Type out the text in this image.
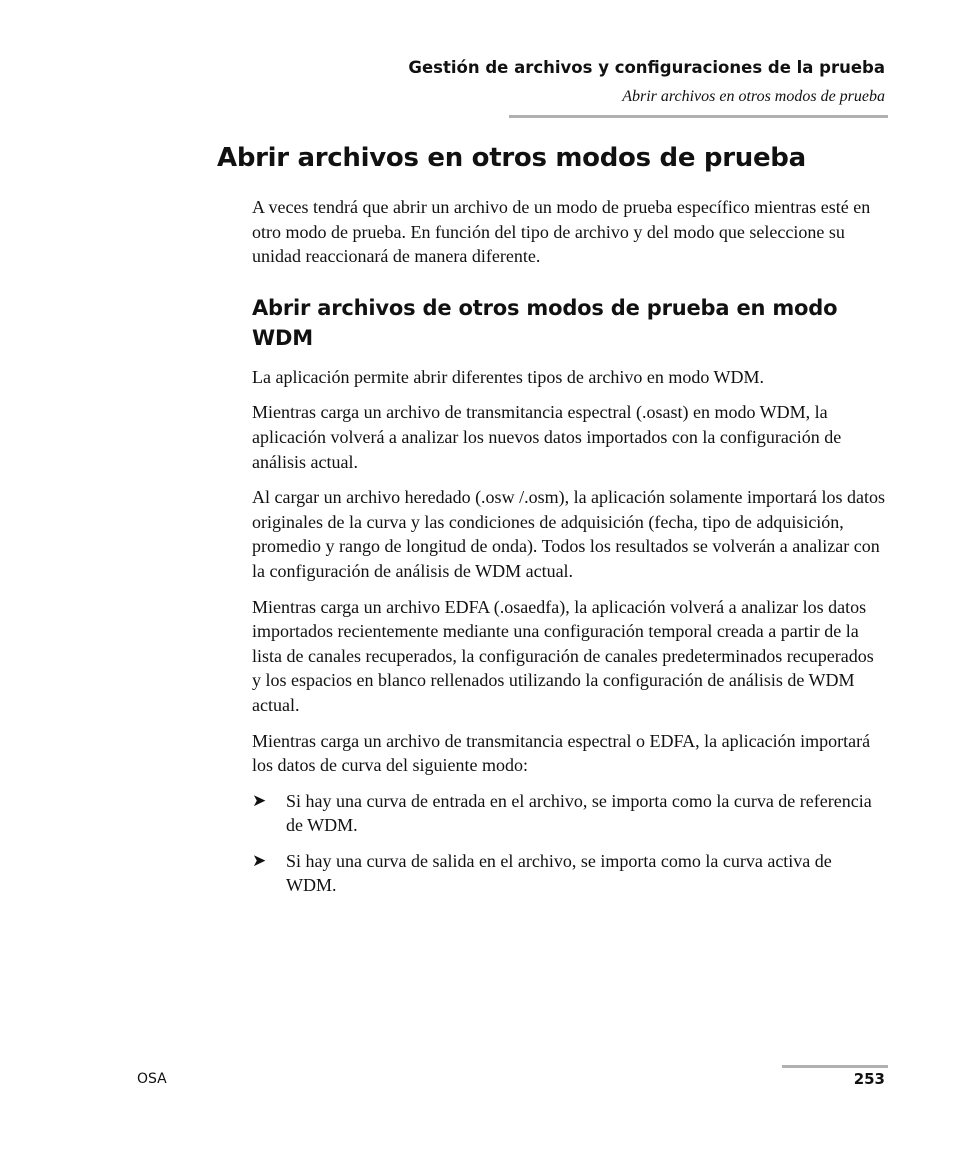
Gestión de archivos y configuraciones de la prueba
Abrir archivos en otros modos de prueba
Abrir archivos en otros modos de prueba

A veces tendrá que abrir un archivo de un modo de prueba específico mientras esté en otro modo de prueba. En función del tipo de archivo y del modo que seleccione su unidad reaccionará de manera diferente.

Abrir archivos de otros modos de prueba en modo WDM

La aplicación permite abrir diferentes tipos de archivo en modo WDM.

Mientras carga un archivo de transmitancia espectral (.osast) en modo WDM, la aplicación volverá a analizar los nuevos datos importados con la configuración de análisis actual.

Al cargar un archivo heredado (.osw /.osm), la aplicación solamente importará los datos originales de la curva y las condiciones de adquisición (fecha, tipo de adquisición, promedio y rango de longitud de onda). Todos los resultados se volverán a analizar con la configuración de análisis de WDM actual.

Mientras carga un archivo EDFA (.osaedfa), la aplicación volverá a analizar los datos importados recientemente mediante una configuración temporal creada a partir de la lista de canales recuperados, la configuración de canales predeterminados recuperados y los espacios en blanco rellenados utilizando la configuración de análisis de WDM actual.

Mientras carga un archivo de transmitancia espectral o EDFA, la aplicación importará los datos de curva del siguiente modo:

➤ Si hay una curva de entrada en el archivo, se importa como la curva de referencia de WDM.
➤ Si hay una curva de salida en el archivo, se importa como la curva activa de WDM.
OSA	253
